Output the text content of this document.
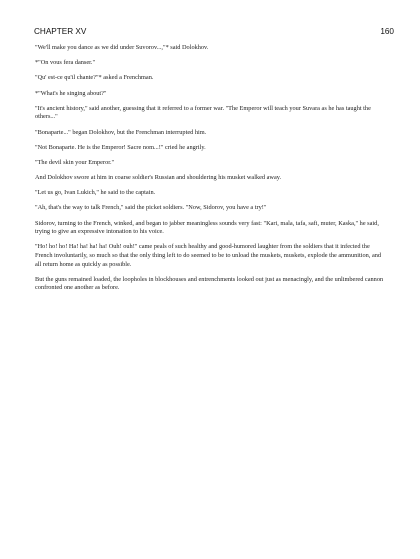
CHAPTER XV	160

"We'll make you dance as we did under Suvorov...,"* said Dolokhov.

*"On vous fera danser."

"Qu' est-ce qu'il chante?"* asked a Frenchman.

*"What's he singing about?"

"It's ancient history," said another, guessing that it referred to a former war. "The Emperor will teach your Suvara as he has taught the others..."

"Bonaparte..." began Dolokhov, but the Frenchman interrupted him.

"Not Bonaparte. He is the Emperor! Sacre nom...!" cried he angrily.

"The devil skin your Emperor."

And Dolokhov swore at him in coarse soldier's Russian and shouldering his musket walked away.

"Let us go, Ivan Lukich," he said to the captain.

"Ah, that's the way to talk French," said the picket soldiers. "Now, Sidorov, you have a try!"

Sidorov, turning to the French, winked, and began to jabber meaningless sounds very fast: "Kari, mala, tafa, safi, muter, Kaska," he said, trying to give an expressive intonation to his voice.

"Ho! ho! ho! Ha! ha! ha! ha! Ouh! ouh!" came peals of such healthy and good-humored laughter from the soldiers that it infected the French involuntarily, so much so that the only thing left to do seemed to be to unload the muskets, muskets, explode the ammunition, and all return home as quickly as possible.

But the guns remained loaded, the loopholes in blockhouses and entrenchments looked out just as menacingly, and the unlimbered cannon confronted one another as before.
